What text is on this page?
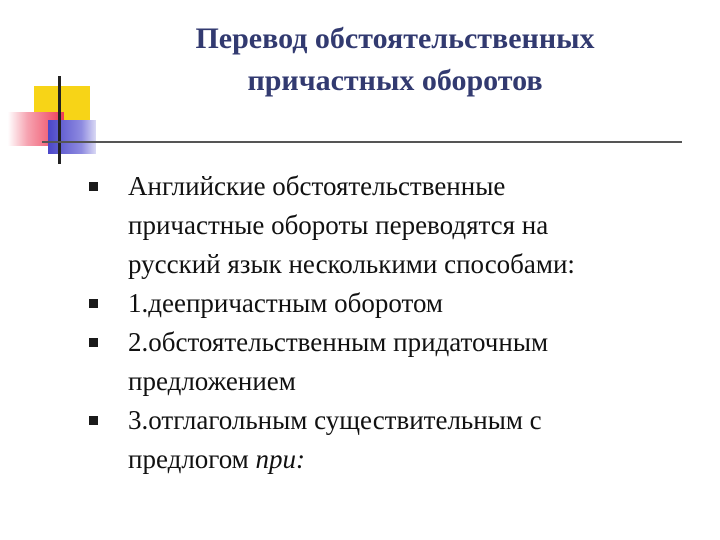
Перевод обстоятельственных
причастных оборотов
Английские обстоятельственные
причастные обороты переводятся на
русский язык несколькими способами:
1.деепричастным оборотом
2.обстоятельственным придаточным
предложением
3.отглагольным существительным с
предлогом при:
